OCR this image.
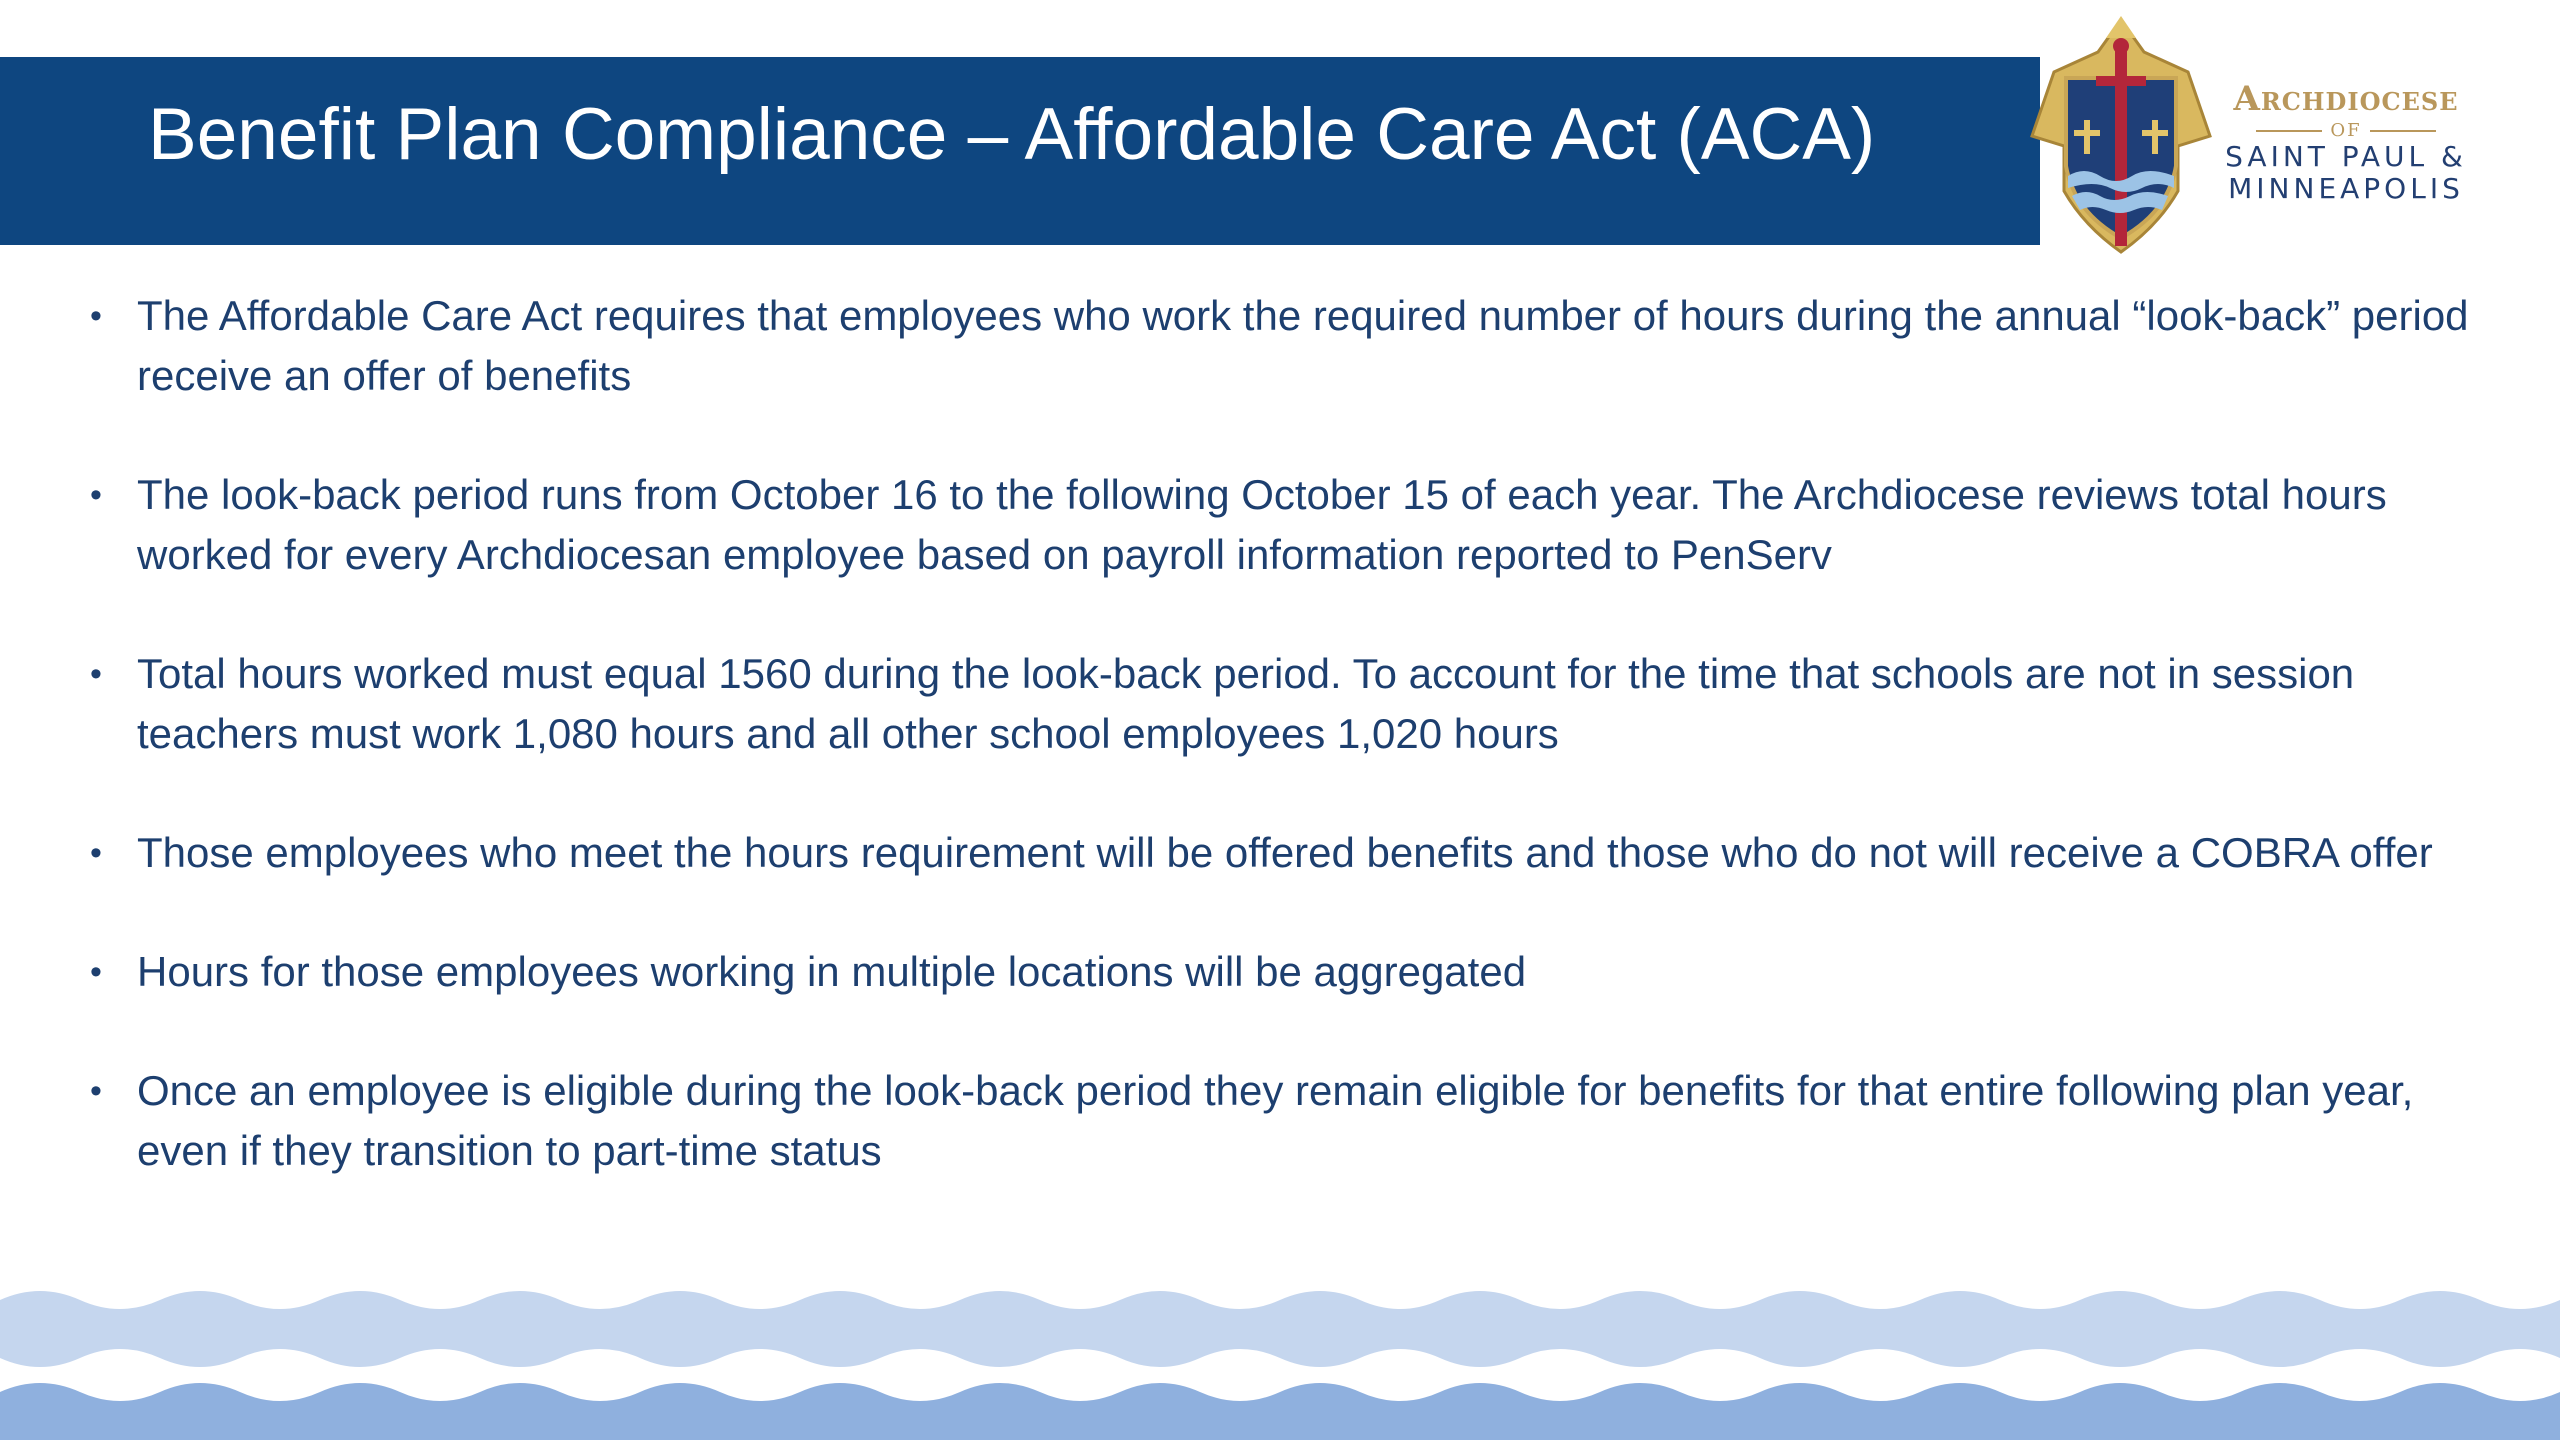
Benefit Plan Compliance – Affordable Care Act (ACA)	Archdiocese
OF
SAINT PAUL &
MINNEAPOLIS
• The Affordable Care Act requires that employees who work the required number of hours during the annual “look-back” period receive an offer of benefits
• The look-back period runs from October 16 to the following October 15 of each year. The Archdiocese reviews total hours worked for every Archdiocesan employee based on payroll information reported to PenServ
• Total hours worked must equal 1560 during the look-back period. To account for the time that schools are not in session teachers must work 1,080 hours and all other school employees 1,020 hours
• Those employees who meet the hours requirement will be offered benefits and those who do not will receive a COBRA offer
• Hours for those employees working in multiple locations will be aggregated
• Once an employee is eligible during the look-back period they remain eligible for benefits for that entire following plan year, even if they transition to part-time status
